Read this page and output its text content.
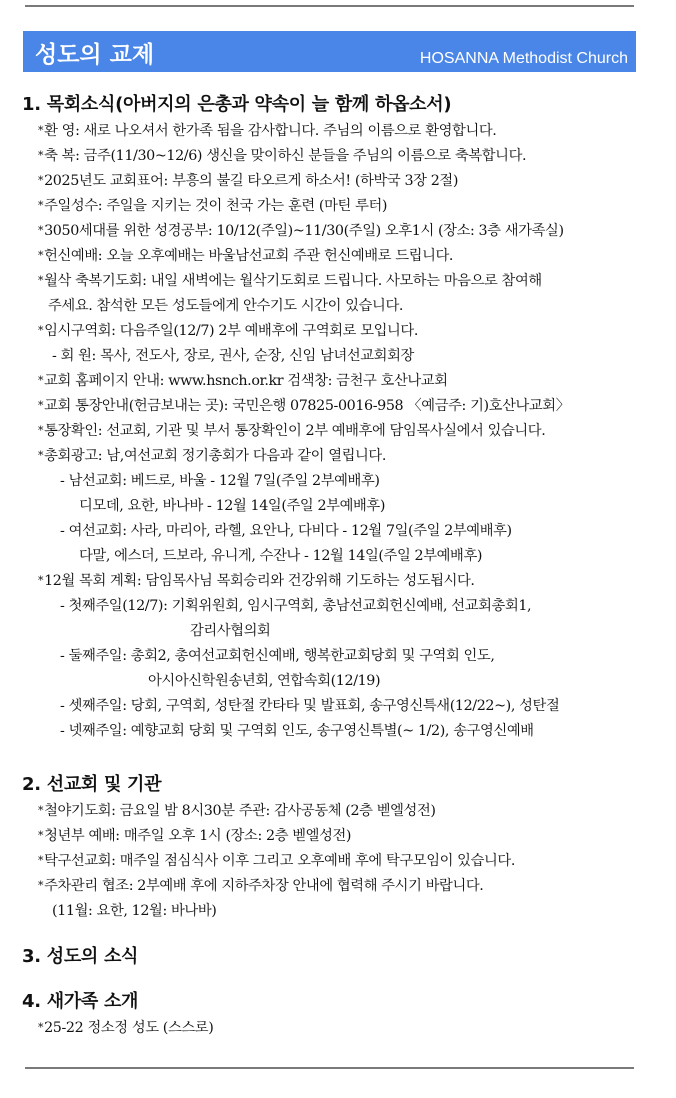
성도의 교제	HOSANNA Methodist Church
1. 목회소식(아버지의 은총과 약속이 늘 함께 하옵소서)
*환 영: 새로 나오셔서 한가족 됨을 감사합니다. 주님의 이름으로 환영합니다.
*축 복: 금주(11/30~12/6) 생신을 맞이하신 분들을 주님의 이름으로 축복합니다.
*2025년도 교회표어: 부흥의 불길 타오르게 하소서! (하박국 3장 2절)
*주일성수: 주일을 지키는 것이 천국 가는 훈련 (마틴 루터)
*3050세대를 위한 성경공부: 10/12(주일)~11/30(주일) 오후1시 (장소: 3층 새가족실)
*헌신예배: 오늘 오후예배는 바울남선교회 주관 헌신예배로 드립니다.
*월삭 축복기도회: 내일 새벽에는 월삭기도회로 드립니다. 사모하는 마음으로 참여해
주세요. 참석한 모든 성도들에게 안수기도 시간이 있습니다.
*임시구역회: 다음주일(12/7) 2부 예배후에 구역회로 모입니다.
- 회 원: 목사, 전도사, 장로, 권사, 순장, 신임 남녀선교회회장
*교회 홈페이지 안내: www.hsnch.or.kr 검색창: 금천구 호산나교회
*교회 통장안내(헌금보내는 곳): 국민은행 07825-0016-958 〈예금주: 기)호산나교회〉
*통장확인: 선교회, 기관 및 부서 통장확인이 2부 예배후에 담임목사실에서 있습니다.
*총회광고: 남,여선교회 정기총회가 다음과 같이 열립니다.
- 남선교회: 베드로, 바울 - 12월 7일(주일 2부예배후)
디모데, 요한, 바나바 - 12월 14일(주일 2부예배후)
- 여선교회: 사라, 마리아, 라헬, 요안나, 다비다 - 12월 7일(주일 2부예배후)
다말, 에스더, 드보라, 유니게, 수잔나 - 12월 14일(주일 2부예배후)
*12월 목회 계획: 담임목사님 목회승리와 건강위해 기도하는 성도됩시다.
- 첫째주일(12/7): 기획위원회, 임시구역회, 총남선교회헌신예배, 선교회총회1,
감리사협의회
- 둘째주일: 총회2, 총여선교회헌신예배, 행복한교회당회 및 구역회 인도,
아시아신학원송년회, 연합속회(12/19)
- 셋째주일: 당회, 구역회, 성탄절 칸타타 및 발표회, 송구영신특새(12/22~), 성탄절
- 넷째주일: 예향교회 당회 및 구역회 인도, 송구영신특별(~ 1/2), 송구영신예배
2. 선교회 및 기관
*철야기도회: 금요일 밤 8시30분 주관: 감사공동체 (2층 벧엘성전)
*청년부 예배: 매주일 오후 1시 (장소: 2층 벧엘성전)
*탁구선교회: 매주일 점심식사 이후 그리고 오후예배 후에 탁구모임이 있습니다.
*주차관리 협조: 2부예배 후에 지하주차장 안내에 협력해 주시기 바랍니다.
(11월: 요한, 12월: 바나바)
3. 성도의 소식
4. 새가족 소개
*25-22 정소정 성도 (스스로)
